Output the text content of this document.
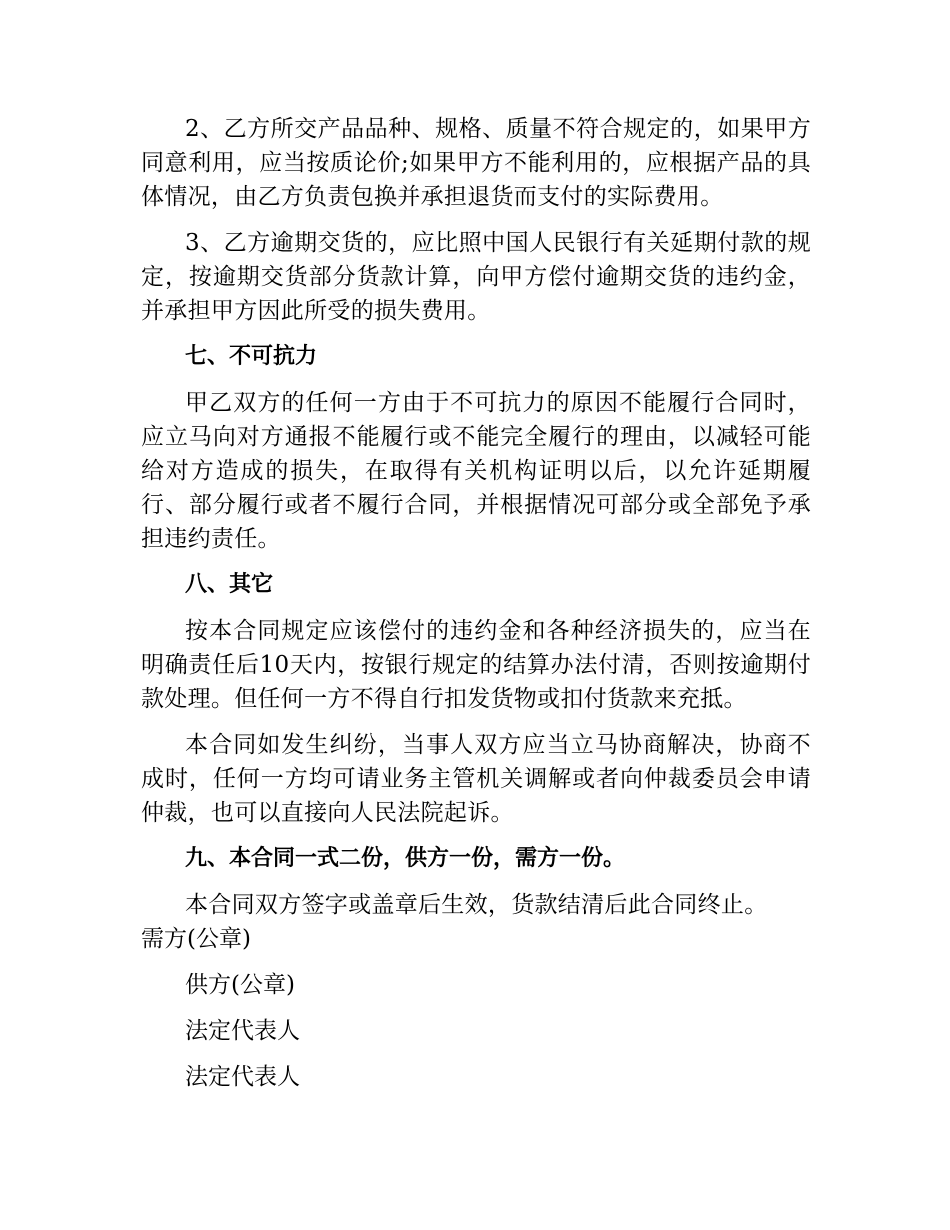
2、乙方所交产品品种、规格、质量不符合规定的，如果甲方同意利用，应当按质论价;如果甲方不能利用的，应根据产品的具体情况，由乙方负责包换并承担退货而支付的实际费用。

3、乙方逾期交货的，应比照中国人民银行有关延期付款的规定，按逾期交货部分货款计算，向甲方偿付逾期交货的违约金，并承担甲方因此所受的损失费用。

七、不可抗力

甲乙双方的任何一方由于不可抗力的原因不能履行合同时，应立马向对方通报不能履行或不能完全履行的理由，以减轻可能给对方造成的损失，在取得有关机构证明以后，以允许延期履行、部分履行或者不履行合同，并根据情况可部分或全部免予承担违约责任。

八、其它

按本合同规定应该偿付的违约金和各种经济损失的，应当在明确责任后10天内，按银行规定的结算办法付清，否则按逾期付款处理。但任何一方不得自行扣发货物或扣付货款来充抵。

本合同如发生纠纷，当事人双方应当立马协商解决，协商不成时，任何一方均可请业务主管机关调解或者向仲裁委员会申请仲裁，也可以直接向人民法院起诉。

九、本合同一式二份，供方一份，需方一份。

本合同双方签字或盖章后生效，货款结清后此合同终止。

需方(公章)

供方(公章)

法定代表人

法定代表人
